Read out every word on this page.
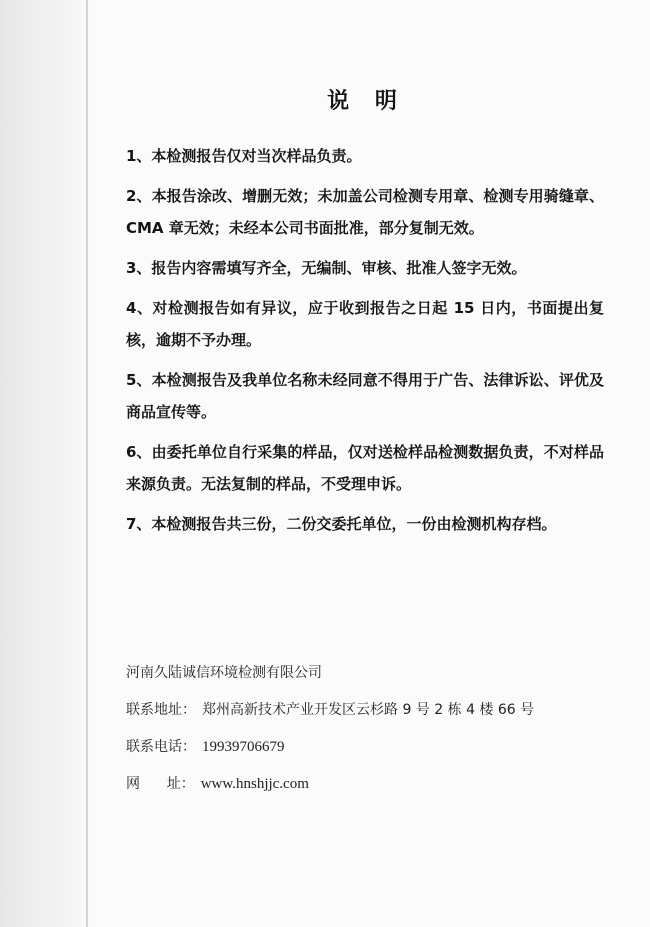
说 明

1、本检测报告仅对当次样品负责。

2、本报告涂改、增删无效；未加盖公司检测专用章、检测专用骑缝章、CMA 章无效；未经本公司书面批准，部分复制无效。

3、报告内容需填写齐全，无编制、审核、批准人签字无效。

4、对检测报告如有异议，应于收到报告之日起 15 日内，书面提出复核，逾期不予办理。

5、本检测报告及我单位名称未经同意不得用于广告、法律诉讼、评优及商品宣传等。

6、由委托单位自行采集的样品，仅对送检样品检测数据负责，不对样品来源负责。无法复制的样品，不受理申诉。

7、本检测报告共三份，二份交委托单位，一份由检测机构存档。

河南久陆诚信环境检测有限公司
联系地址： 郑州高新技术产业开发区云杉路 9 号 2 栋 4 楼 66 号
联系电话： 19939706679
网      址： www.hnshjjc.com
